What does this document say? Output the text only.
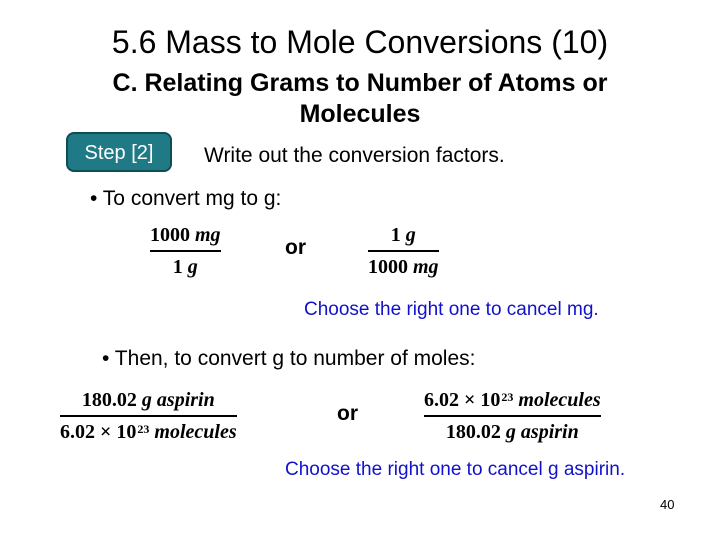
5.6 Mass to Mole Conversions (10)
C. Relating Grams to Number of Atoms or
Molecules
Step [2]	Write out the conversion factors.
• To convert mg to g:
1000 mg
1 g
or
1 g
1000 mg
Choose the right one to cancel mg.
• Then, to convert g to number of moles:
180.02 g aspirin
$6.02 \times 10^{23}$ molecules
or
$6.02 \times 10^{23}$ molecules
180.02 g aspirin
Choose the right one to cancel g aspirin.
40
